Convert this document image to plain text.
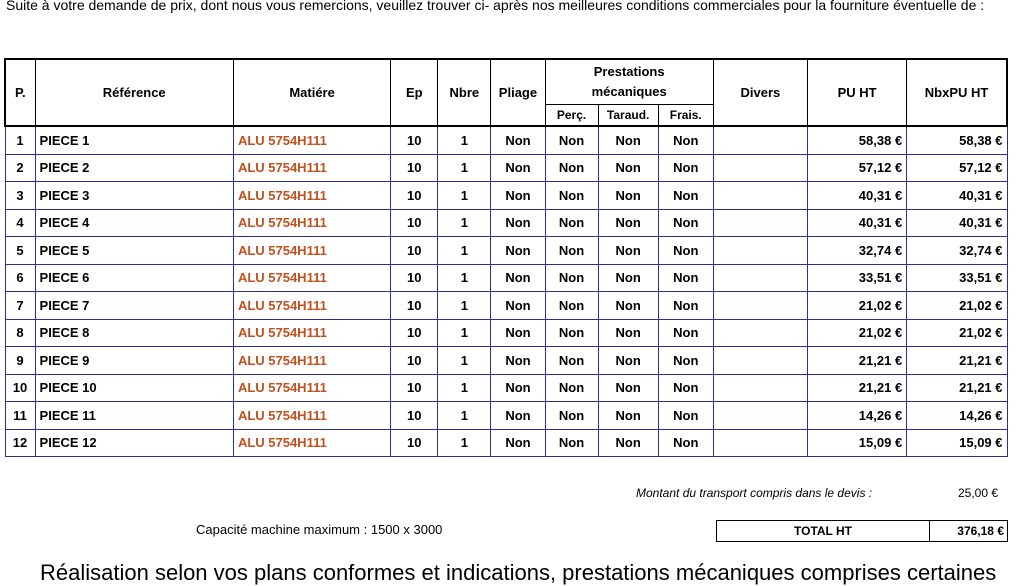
Suite à votre demande de prix, dont nous vous remercions, veuillez trouver ci- après nos meilleures conditions commerciales pour la fourniture éventuelle de :
P.	Référence	Matiére	Ep	Nbre	Pliage	Prestations
mécaniques			Divers	PU HT	NbxPU HT
						Perç.	Taraud.	Frais.			
1	PIECE 1	ALU 5754H111	10	1	Non	Non	Non	Non		58,38 €	58,38 €
2	PIECE 2	ALU 5754H111	10	1	Non	Non	Non	Non		57,12 €	57,12 €
3	PIECE 3	ALU 5754H111	10	1	Non	Non	Non	Non		40,31 €	40,31 €
4	PIECE 4	ALU 5754H111	10	1	Non	Non	Non	Non		40,31 €	40,31 €
5	PIECE 5	ALU 5754H111	10	1	Non	Non	Non	Non		32,74 €	32,74 €
6	PIECE 6	ALU 5754H111	10	1	Non	Non	Non	Non		33,51 €	33,51 €
7	PIECE 7	ALU 5754H111	10	1	Non	Non	Non	Non		21,02 €	21,02 €
8	PIECE 8	ALU 5754H111	10	1	Non	Non	Non	Non		21,02 €	21,02 €
9	PIECE 9	ALU 5754H111	10	1	Non	Non	Non	Non		21,21 €	21,21 €
10	PIECE 10	ALU 5754H111	10	1	Non	Non	Non	Non		21,21 €	21,21 €
11	PIECE 11	ALU 5754H111	10	1	Non	Non	Non	Non		14,26 €	14,26 €
12	PIECE 12	ALU 5754H111	10	1	Non	Non	Non	Non		15,09 €	15,09 €
Montant du transport compris dans le devis :	25,00 €
Capacité machine maximum : 1500 x 3000	TOTAL HT	376,18 €
Réalisation selon vos plans conformes et indications, prestations mécaniques comprises certaines
